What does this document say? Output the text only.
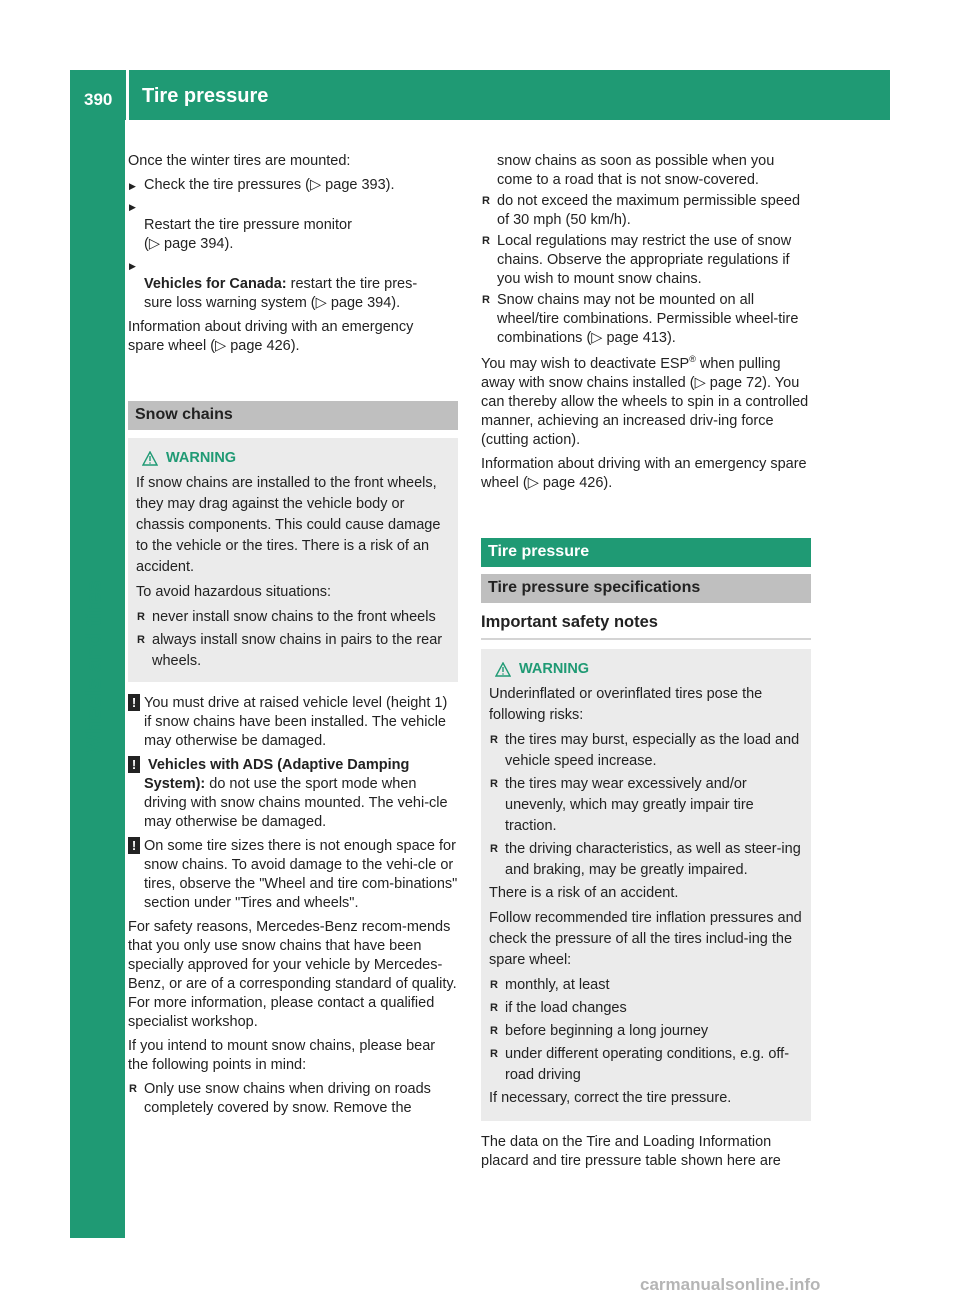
390 Tire pressure
Wheels and tires

Once the winter tires are mounted:

▶ Check the tire pressures (▷ page 393).

▶ Restart the tire pressure monitor
(▷ page 394).

▶ Vehicles for Canada: restart the tire pres-
sure loss warning system (▷ page 394).

Information about driving with an emergency
spare wheel (▷ page 426).

Snow chains
WARNING

If snow chains are installed to the front wheels, they may drag against the vehicle body or chassis components. This could cause damage to the vehicle or the tires. There is a risk of an accident.

To avoid hazardous situations:

R never install snow chains to the front wheels
R always install snow chains in pairs to the rear wheels.
! You must drive at raised vehicle level (height 1) if snow chains have been installed. The vehicle may otherwise be damaged.
! Vehicles with ADS (Adaptive Damping System): do not use the sport mode when driving with snow chains mounted. The vehi-cle may otherwise be damaged.
! On some tire sizes there is not enough space for snow chains. To avoid damage to the vehi-cle or tires, observe the "Wheel and tire com-binations" section under "Tires and wheels".

For safety reasons, Mercedes-Benz recom-mends that you only use snow chains that have been specially approved for your vehicle by Mercedes-Benz, or are of a corresponding standard of quality. For more information, please contact a qualified specialist workshop.

If you intend to mount snow chains, please bear the following points in mind:

R Only use snow chains when driving on roads completely covered by snow. Remove the

snow chains as soon as possible when you come to a road that is not snow-covered.

R do not exceed the maximum permissible speed of 30 mph (50 km/h).
R Local regulations may restrict the use of snow chains. Observe the appropriate regulations if you wish to mount snow chains.
R Snow chains may not be mounted on all wheel/tire combinations. Permissible wheel-tire combinations (▷ page 413).

You may wish to deactivate ESP® when pulling away with snow chains installed (▷ page 72). You can thereby allow the wheels to spin in a controlled manner, achieving an increased driv-ing force (cutting action).

Information about driving with an emergency spare wheel (▷ page 426).

Tire pressure
Tire pressure specifications
Important safety notes
WARNING

Underinflated or overinflated tires pose the following risks:

R the tires may burst, especially as the load and vehicle speed increase.
R the tires may wear excessively and/or unevenly, which may greatly impair tire traction.
R the driving characteristics, as well as steer-ing and braking, may be greatly impaired.

There is a risk of an accident.

Follow recommended tire inflation pressures and check the pressure of all the tires includ-ing the spare wheel:

R monthly, at least
R if the load changes
R before beginning a long journey
R under different operating conditions, e.g. off-road driving

If necessary, correct the tire pressure.

The data on the Tire and Loading Information placard and tire pressure table shown here are

carmanualsonline.info
